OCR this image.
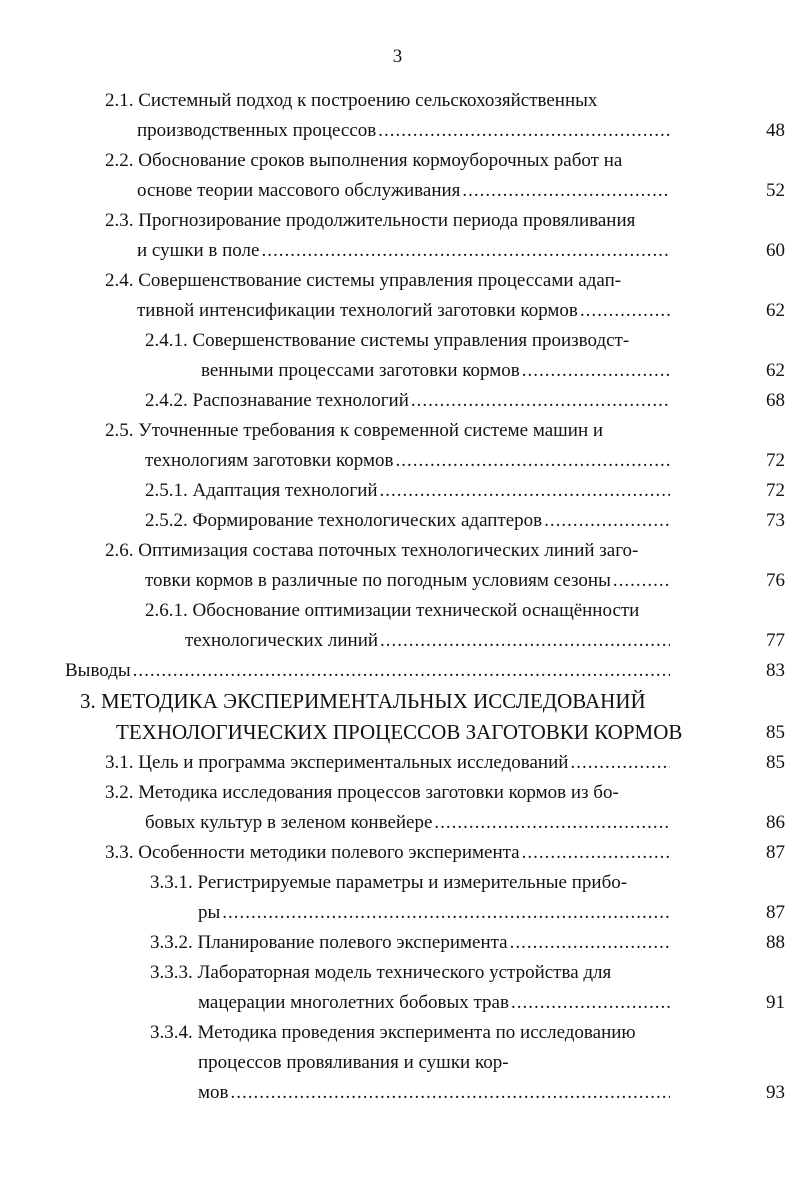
3
2.1. Системный подход к построению сельскохозяйственных
производственных процессов .....	48
2.2. Обоснование сроков выполнения кормоуборочных работ на
основе теории массового обслуживания .....	52
2.3. Прогнозирование продолжительности периода провяливания
и сушки в поле .....	60
2.4. Совершенствование системы управления процессами адап-
тивной интенсификации технологий заготовки кормов .....	62
2.4.1. Совершенствование системы управления производст-
венными процессами заготовки кормов .....	62
2.4.2. Распознавание технологий .....	68
2.5. Уточненные требования к современной системе машин и
технологиям заготовки кормов .....	72
2.5.1. Адаптация технологий .....	72
2.5.2. Формирование технологических адаптеров .....	73
2.6. Оптимизация состава поточных технологических линий заго-
товки кормов в различные по погодным условиям сезоны .....	76
2.6.1. Обоснование оптимизации технической оснащённости
технологических линий .....	77
Выводы .....	83
3. МЕТОДИКА ЭКСПЕРИМЕНТАЛЬНЫХ ИССЛЕДОВАНИЙ
ТЕХНОЛОГИЧЕСКИХ ПРОЦЕССОВ ЗАГОТОВКИ КОРМОВ	85
3.1. Цель и программа экспериментальных исследований .....	85
3.2. Методика исследования процессов заготовки кормов из бо-
бовых культур в зеленом конвейере .....	86
3.3. Особенности методики полевого эксперимента .....	87
3.3.1. Регистрируемые параметры и измерительные прибо-
ры .....	87
3.3.2. Планирование полевого эксперимента .....	88
3.3.3. Лабораторная модель технического устройства для
мацерации многолетних бобовых трав .....	91
3.3.4. Методика проведения эксперимента по исследованию
процессов провяливания и сушки кор-
мов .....	93
